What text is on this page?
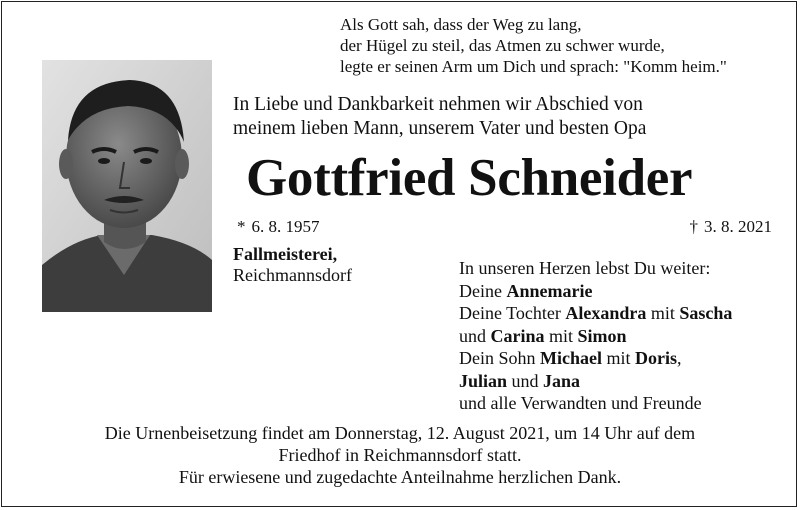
Als Gott sah, dass der Weg zu lang,
der Hügel zu steil, das Atmen zu schwer wurde,
legte er seinen Arm um Dich und sprach: "Komm heim."
In Liebe und Dankbarkeit nehmen wir Abschied von
meinem lieben Mann, unserem Vater und besten Opa
Gottfried Schneider
* 6. 8. 1957	† 3. 8. 2021
Fallmeisterei,
Reichmannsdorf	In unseren Herzen lebst Du weiter:
Deine Annemarie
Deine Tochter Alexandra mit Sascha
und Carina mit Simon
Dein Sohn Michael mit Doris,
Julian und Jana
und alle Verwandten und Freunde
Die Urnenbeisetzung findet am Donnerstag, 12. August 2021, um 14 Uhr auf dem
Friedhof in Reichmannsdorf statt.
Für erwiesene und zugedachte Anteilnahme herzlichen Dank.
